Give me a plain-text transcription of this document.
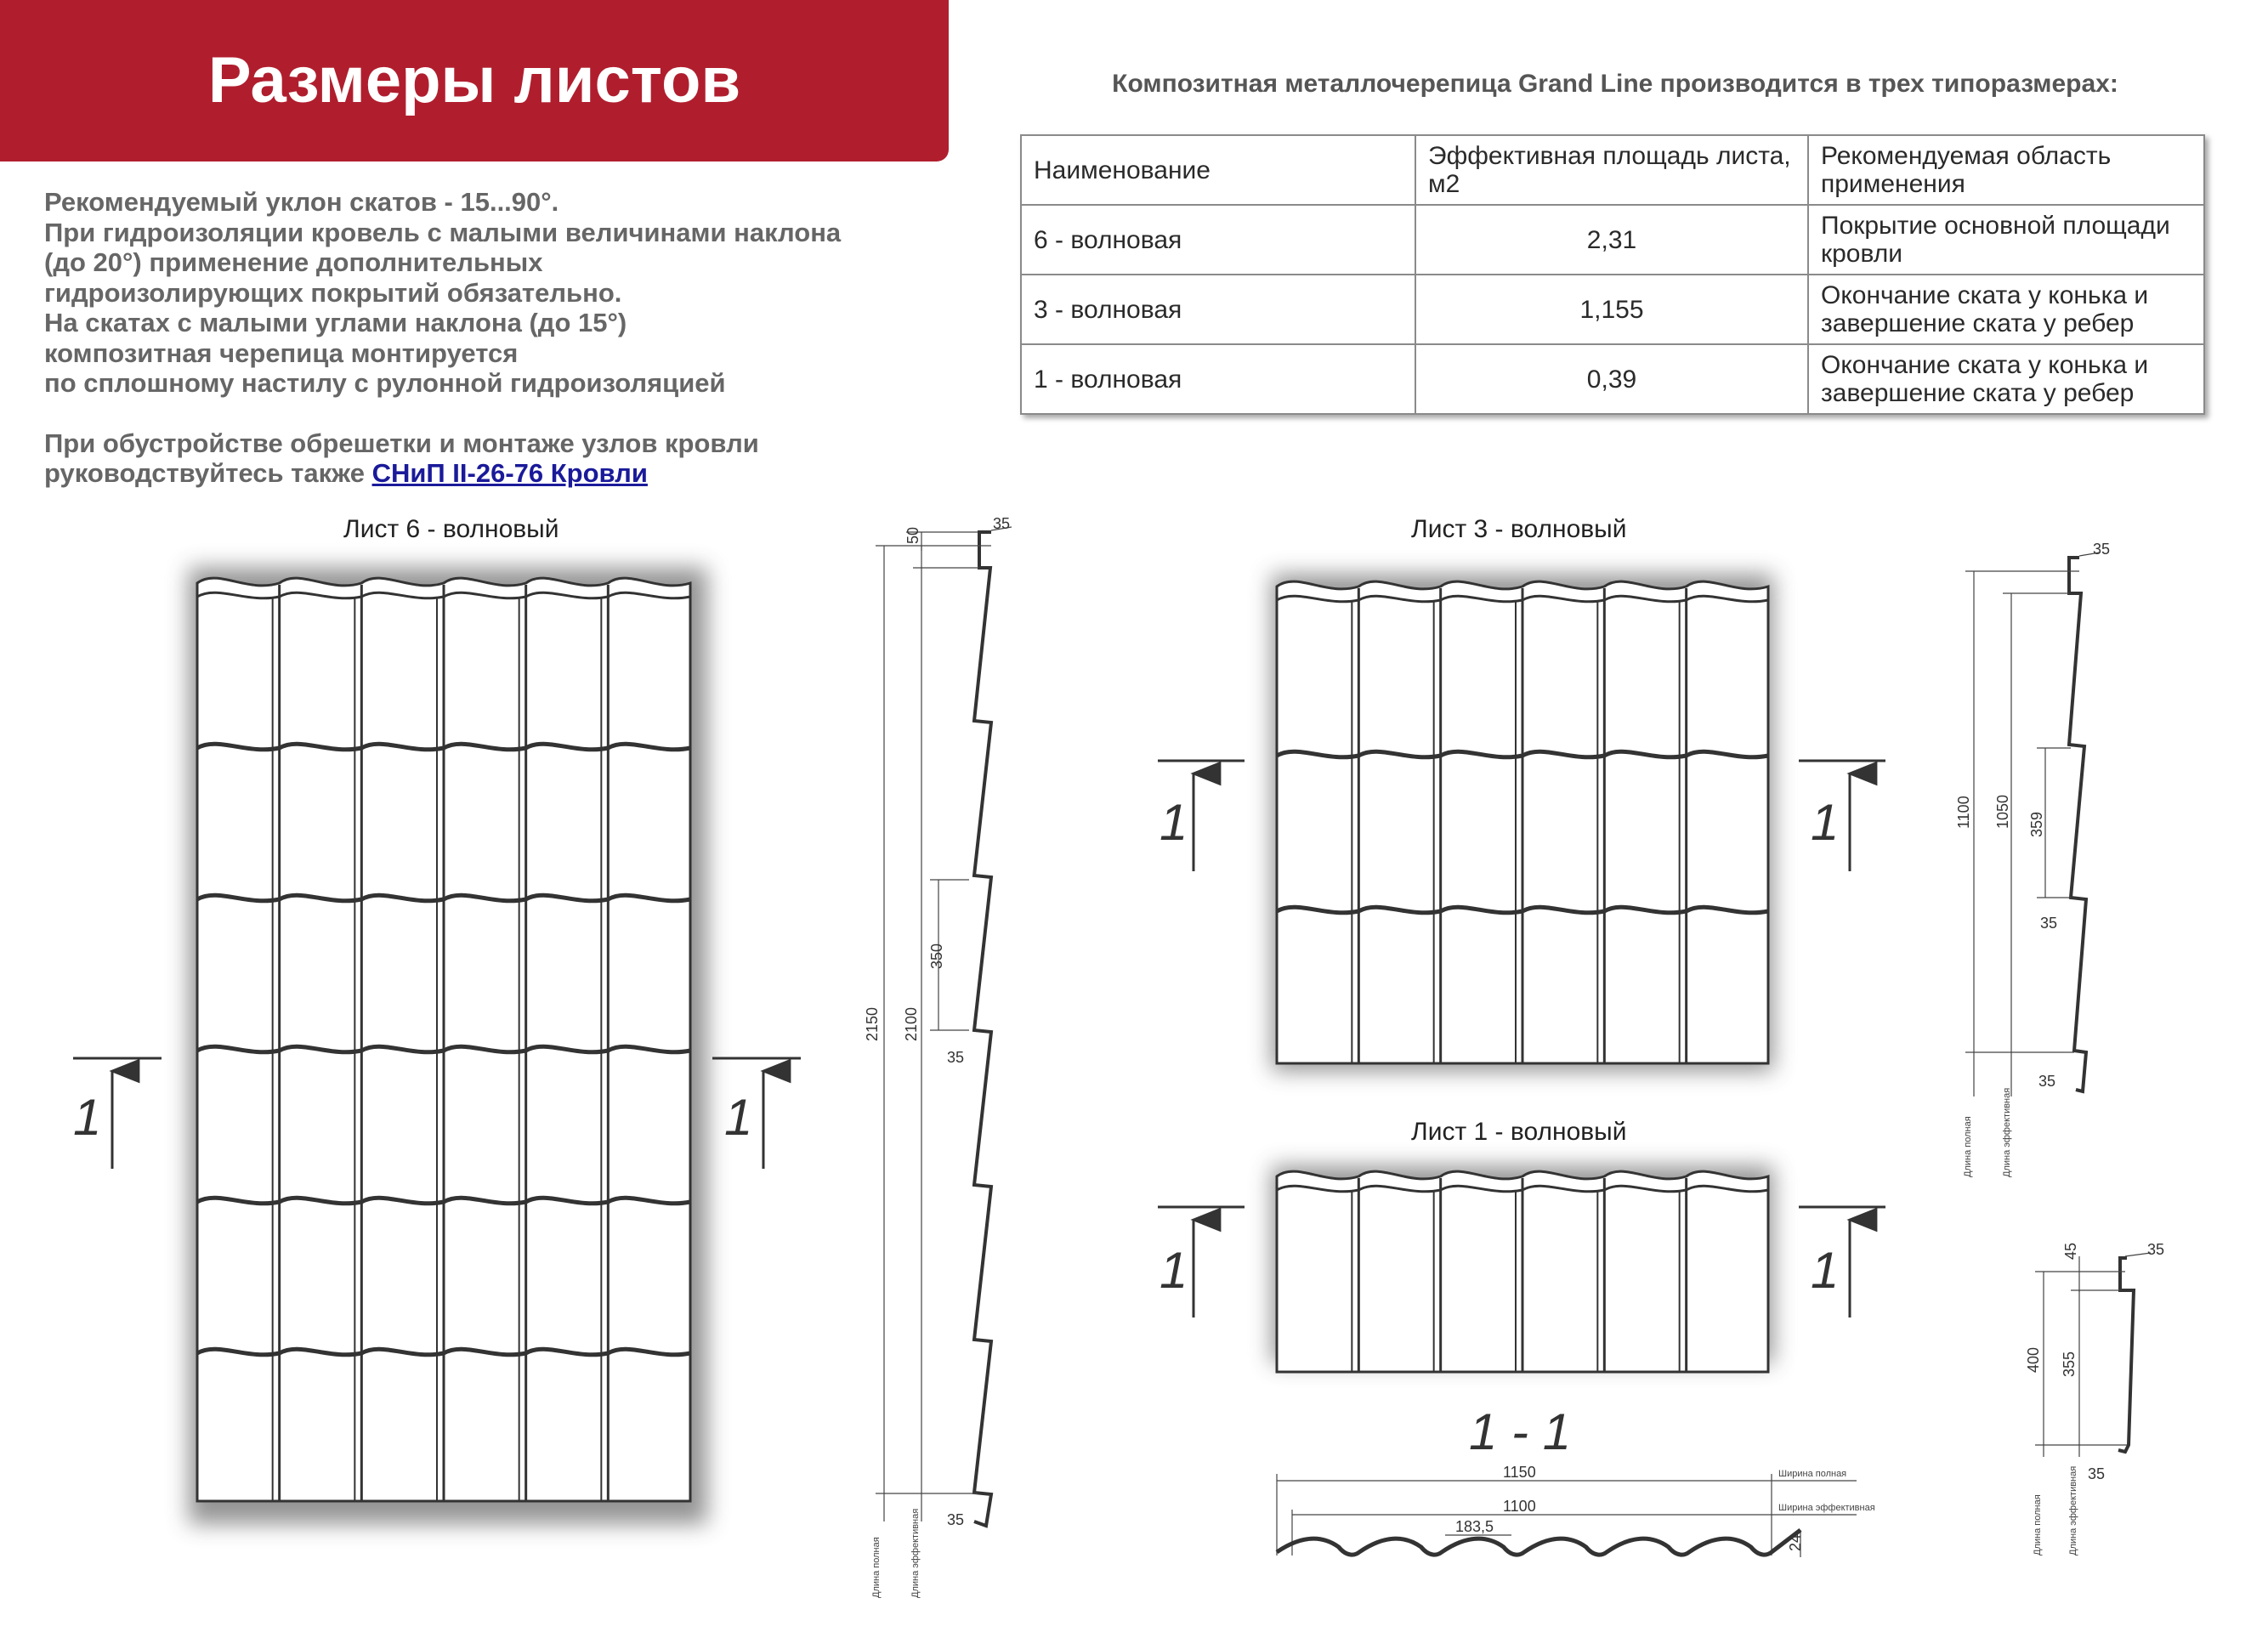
Размеры листов

Рекомендуемый уклон скатов - 15...90°.

При гидроизоляции кровель с малыми величинами наклона

(до 20°) применение дополнительных

гидроизолирующих покрытий обязательно.

На скатах с малыми углами наклона (до 15°)

композитная черепица монтируется

по сплошному настилу с рулонной гидроизоляцией

При обустройстве обрешетки и монтаже узлов кровли

руководствуйтесь также СНиП II-26-76 Кровли

Композитная металлочерепица Grand Line производится в трех типоразмерах:
Наименование	Эффективная площадь листа, м2	Рекомендуемая область применения
6 - волновая	2,31	Покрытие основной площади кровли
3 - волновая	1,155	Окончание ската у конька и завершение ската у ребер
1 - волновая	0,39	Окончание ската у конька и завершение ската у ребер
Лист 6 - волновый	Лист 3 - волновый
Лист 1 - волновый
1	1
35
50
2150 2100
350
35
35
Длина полная	Длина эффективная
1	1
35
1100 1050 359
35
35
Длина полная	Длина эффективная
1	1	35
45
400 355
35
Длина полная	Длина эффективная
1 - 1
1150
1100
183,5
24
Ширина полная
Ширина эффективная
